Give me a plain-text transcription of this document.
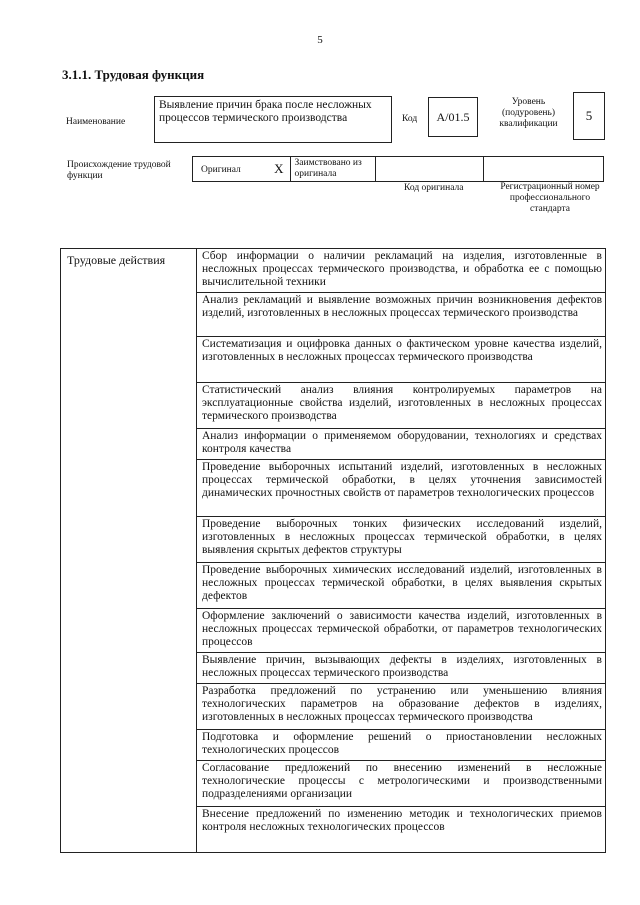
5
3.1.1. Трудовая функция
Наименование
Выявление причин брака после несложных процессов термического производства	Код	А/01.5
Уровень (подуровень) квалификации
5
Происхождение трудовой функции
Оригинал	X	Заимствовано из оригинала
Код оригинала	Регистрационный номер профессионального стандарта
Трудовые действия	Сбор информации о наличии рекламаций на изделия, изготовленные в несложных процессах термического производства, и обработка ее с помощью вычислительной техники
Анализ рекламаций и выявление возможных причин возникновения дефектов изделий, изготовленных в несложных процессах термического производства
Систематизация и оцифровка данных о фактическом уровне качества изделий, изготовленных в несложных процессах термического производства
Статистический анализ влияния контролируемых параметров на эксплуатационные свойства изделий, изготовленных в несложных процессах термического производства
Анализ информации о применяемом оборудовании, технологиях и средствах контроля качества
Проведение выборочных испытаний изделий, изготовленных в несложных процессах термической обработки, в целях уточнения зависимостей динамических прочностных свойств от параметров технологических процессов
Проведение выборочных тонких физических исследований изделий, изготовленных в несложных процессах термической обработки, в целях выявления скрытых дефектов структуры
Проведение выборочных химических исследований изделий, изготовленных в несложных процессах термической обработки, в целях выявления скрытых дефектов
Оформление заключений о зависимости качества изделий, изготовленных в несложных процессах термической обработки, от параметров технологических процессов
Выявление причин, вызывающих дефекты в изделиях, изготовленных в несложных процессах термического производства
Разработка предложений по устранению или уменьшению влияния технологических параметров на образование дефектов в изделиях, изготовленных в несложных процессах термического производства
Подготовка и оформление решений о приостановлении несложных технологических процессов
Согласование предложений по внесению изменений в несложные технологические процессы с метрологическими и производственными подразделениями организации
Внесение предложений по изменению методик и технологических приемов контроля несложных технологических процессов
